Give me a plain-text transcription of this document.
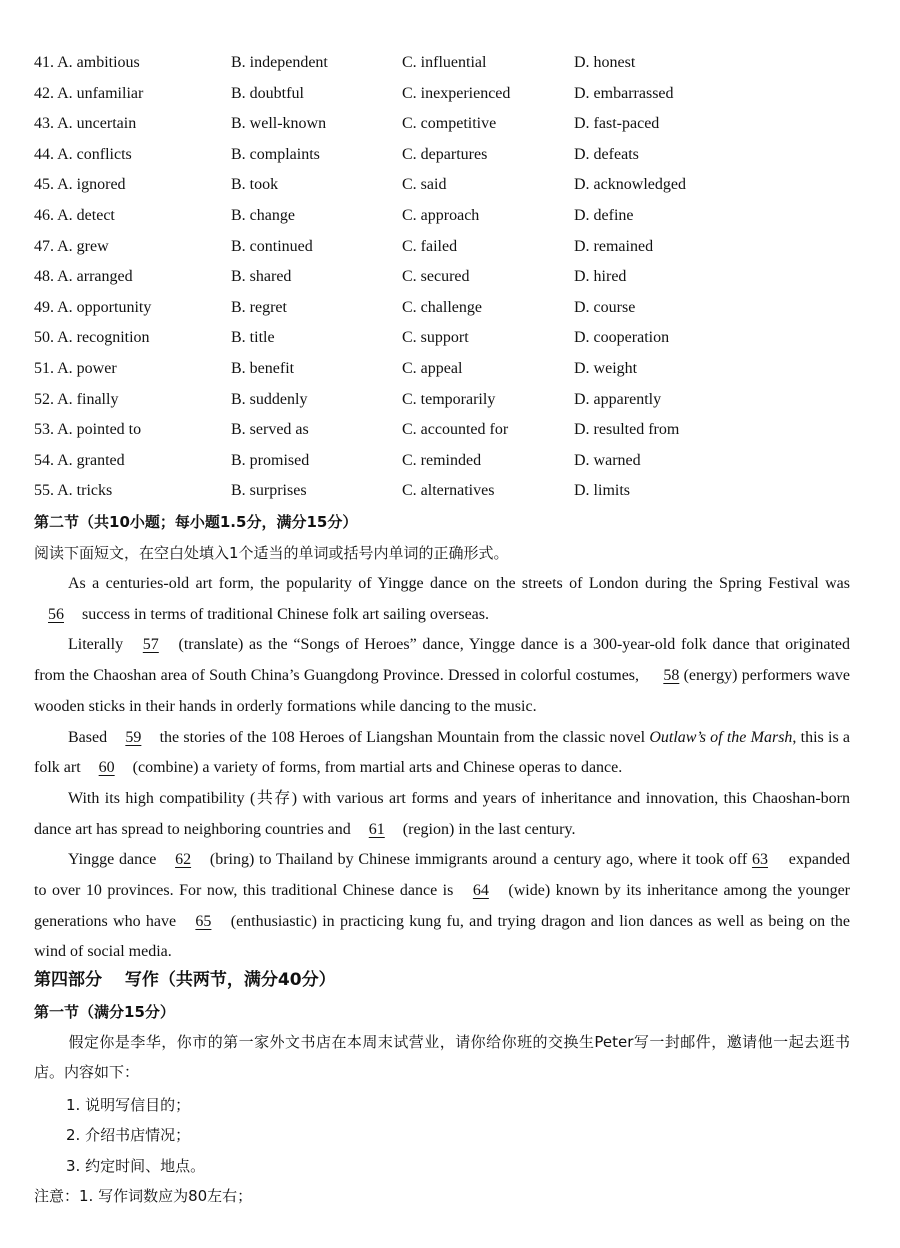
41. A. ambitious	B. independent	C. influential	D. honest
42. A. unfamiliar	B. doubtful	C. inexperienced	D. embarrassed
43. A. uncertain	B. well-known	C. competitive	D. fast-paced
44. A. conflicts	B. complaints	C. departures	D. defeats
45. A. ignored	B. took	C. said	D. acknowledged
46. A. detect	B. change	C. approach	D. define
47. A. grew	B. continued	C. failed	D. remained
48. A. arranged	B. shared	C. secured	D. hired
49. A. opportunity	B. regret	C. challenge	D. course
50. A. recognition	B. title	C. support	D. cooperation
51. A. power	B. benefit	C. appeal	D. weight
52. A. finally	B. suddenly	C. temporarily	D. apparently
53. A. pointed to	B. served as	C. accounted for	D. resulted from
54. A. granted	B. promised	C. reminded	D. warned
55. A. tricks	B. surprises	C. alternatives	D. limits
第二节（共10小题；每小题1.5分，满分15分）
阅读下面短文，在空白处填入1个适当的单词或括号内单词的正确形式。
As a centuries-old art form, the popularity of Yingge dance on the streets of London during the Spring Festival was 56 success in terms of traditional Chinese folk art sailing overseas.
Literally 57 (translate) as the “Songs of Heroes” dance, Yingge dance is a 300-year-old folk dance that originated from the Chaoshan area of South China’s Guangdong Province. Dressed in colorful costumes, 58 (energy) performers wave wooden sticks in their hands in orderly formations while dancing to the music.
Based 59 the stories of the 108 Heroes of Liangshan Mountain from the classic novel Outlaw’s of the Marsh, this is a folk art 60 (combine) a variety of forms, from martial arts and Chinese operas to dance.
With its high compatibility (共存) with various art forms and years of inheritance and innovation, this Chaoshan-born dance art has spread to neighboring countries and 61 (region) in the last century.
Yingge dance 62 (bring) to Thailand by Chinese immigrants around a century ago, where it took off 63 expanded to over 10 provinces. For now, this traditional Chinese dance is 64 (wide) known by its inheritance among the younger generations who have 65 (enthusiastic) in practicing kung fu, and trying dragon and lion dances as well as being on the wind of social media.
第四部分　 写作（共两节，满分40分）
第一节（满分15分）
假定你是李华，你市的第一家外文书店在本周末试营业，请你给你班的交换生Peter写一封邮件，邀请他一起去逛书店。内容如下：
1. 说明写信目的；
2. 介绍书店情况；
3. 约定时间、地点。
注意：1. 写作词数应为80左右；
